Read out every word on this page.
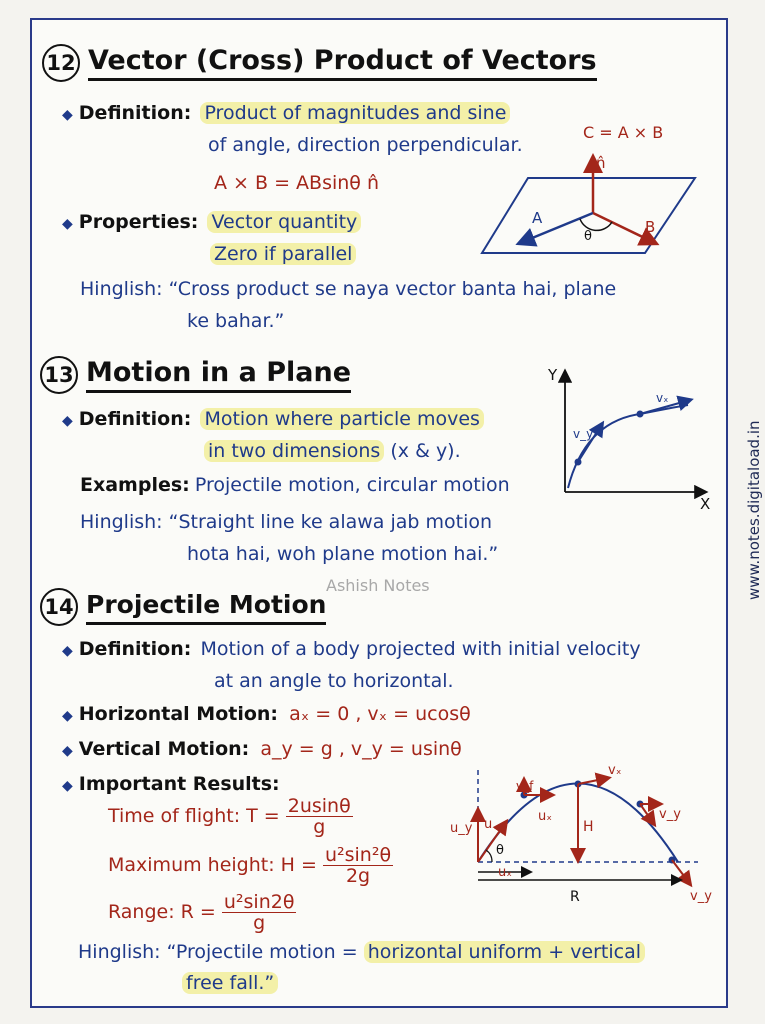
12 Vector (Cross) Product of Vectors
◆ Definition: Product of magnitudes and sine
of angle, direction perpendicular.
A × B = ABsinθ n̂
◆ Properties: Vector quantity
Zero if parallel
Hinglish: “Cross product se naya vector banta hai, plane
ke bahar.”
C = A × B
n̂
A	B
θ
13 Motion in a Plane
◆ Definition: Motion where particle moves
in two dimensions (x & y).
Examples: Projectile motion, circular motion
Hinglish: “Straight line ke alawa jab motion
hota hai, woh plane motion hai.”
Y
X
v_y
vₓ
Ashish Notes
14 Projectile Motion
◆ Definition: Motion of a body projected with initial velocity
at an angle to horizontal.
◆ Horizontal Motion: aₓ = 0 , vₓ = ucosθ
◆ Vertical Motion: a_y = g , v_y = usinθ
◆ Important Results:
Time of flight: $T = \frac{2usin\theta}{g}$
Maximum height: $H = \frac{\text{u²sin²θ}}{2g}$
Range: $R = \frac{\text{u²sin2θ}}{g}$
v_f
vₓ
uₓ
H
v_y
u
u_y
θ
uₓ
R	v_y
Hinglish: “Projectile motion = horizontal uniform + vertical
free fall.”
www.notes.digitaload.in
